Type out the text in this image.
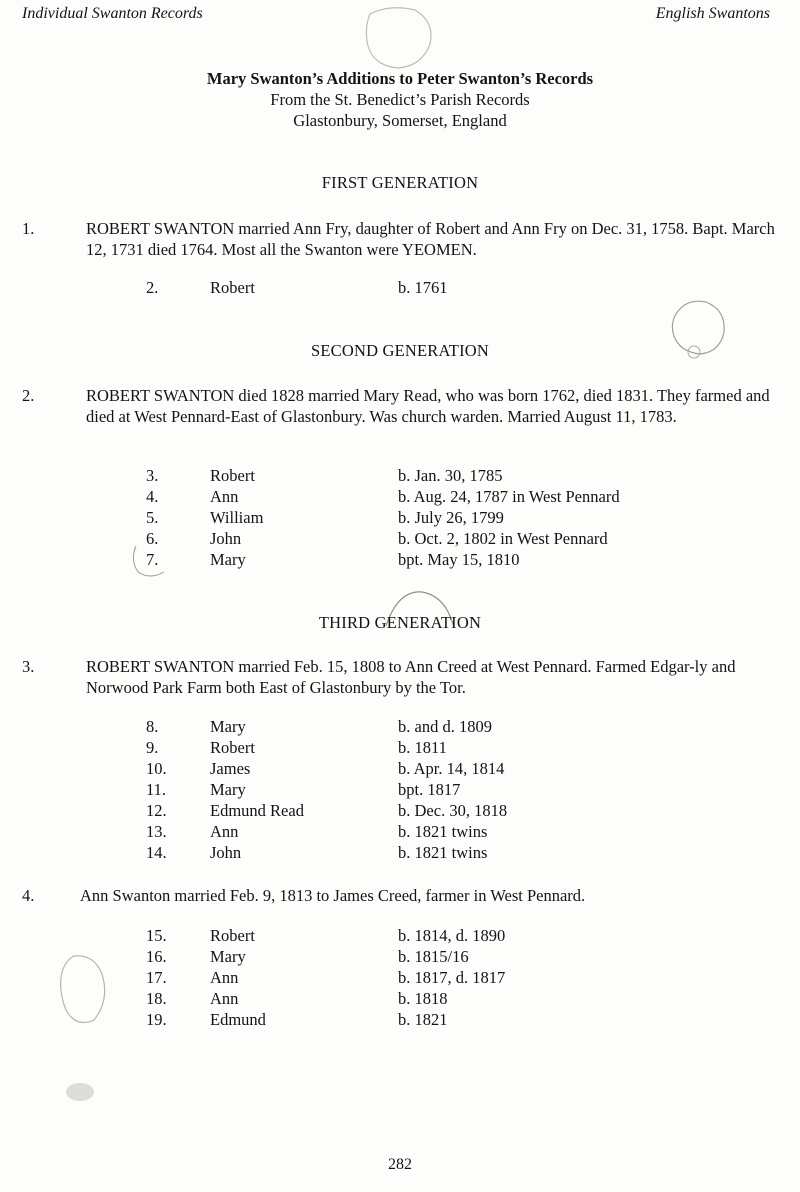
Individual Swanton Records	English Swantons
Mary Swanton’s Additions to Peter Swanton’s Records
From the St. Benedict’s Parish Records
Glastonbury, Somerset, England
FIRST GENERATION
1.	ROBERT SWANTON married Ann Fry, daughter of Robert and Ann Fry on Dec. 31, 1758. Bapt. March 12, 1731 died 1764. Most all the Swanton were YEOMEN.
2.	Robert	b. 1761
SECOND GENERATION
2.	ROBERT SWANTON died 1828 married Mary Read, who was born 1762, died 1831. They farmed and died at West Pennard-East of Glastonbury. Was church warden. Married August 11, 1783.
3.	Robert	b. Jan. 30, 1785
4.	Ann	b. Aug. 24, 1787 in West Pennard
5.	William	b. July 26, 1799
6.	John	b. Oct. 2, 1802 in West Pennard
7.	Mary	bpt. May 15, 1810
THIRD GENERATION
3.	ROBERT SWANTON married Feb. 15, 1808 to Ann Creed at West Pennard. Farmed Edgar-ly and Norwood Park Farm both East of Glastonbury by the Tor.
8.	Mary	b. and d. 1809
9.	Robert	b. 1811
10.	James	b. Apr. 14, 1814
11.	Mary	bpt. 1817
12.	Edmund Read	b. Dec. 30, 1818
13.	Ann	b. 1821 twins
14.	John	b. 1821 twins
4.	Ann Swanton married Feb. 9, 1813 to James Creed, farmer in West Pennard.
15.	Robert	b. 1814, d. 1890
16.	Mary	b. 1815/16
17.	Ann	b. 1817, d. 1817
18.	Ann	b. 1818
19.	Edmund	b. 1821
282
